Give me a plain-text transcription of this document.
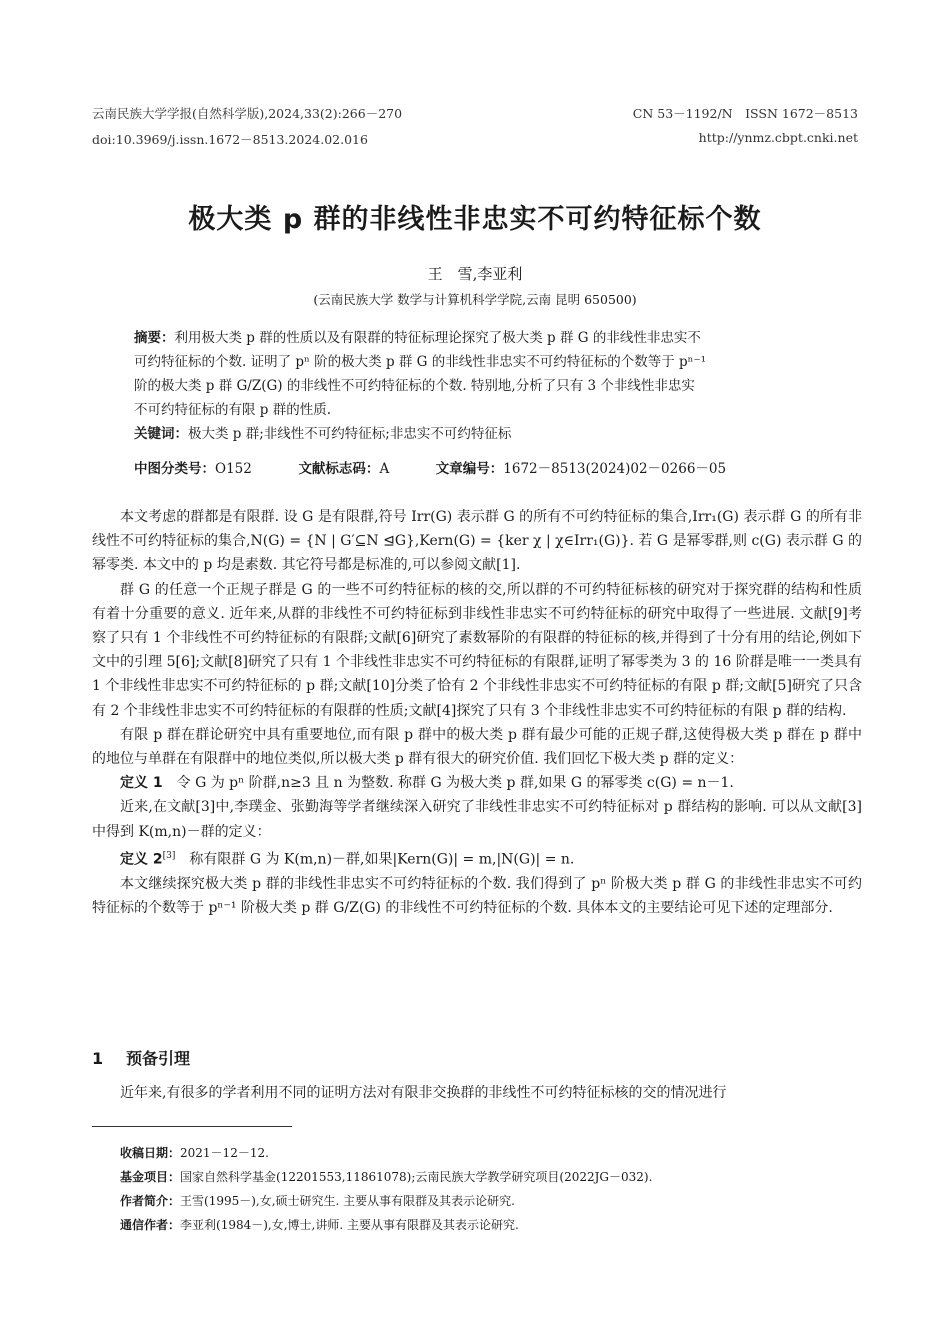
云南民族大学学报(自然科学版),2024,33(2):266－270
doi:10.3969/j.issn.1672－8513.2024.02.016
CN 53－1192/N　ISSN 1672－8513
http://ynmz.cbpt.cnki.net
极大类 p 群的非线性非忠实不可约特征标个数
王　雪,李亚利
(云南民族大学 数学与计算机科学学院,云南 昆明 650500)
摘要：利用极大类 p 群的性质以及有限群的特征标理论探究了极大类 p 群 G 的非线性非忠实不
可约特征标的个数. 证明了 pⁿ 阶的极大类 p 群 G 的非线性非忠实不可约特征标的个数等于 pⁿ⁻¹
阶的极大类 p 群 G/Z(G) 的非线性不可约特征标的个数. 特别地,分析了只有 3 个非线性非忠实
不可约特征标的有限 p 群的性质.
关键词：极大类 p 群;非线性不可约特征标;非忠实不可约特征标
中图分类号：O152	文献标志码：A	文章编号：1672－8513(2024)02－0266－05

本文考虑的群都是有限群. 设 G 是有限群,符号 Irr(G) 表示群 G 的所有不可约特征标的集合,Irr₁(G) 表示群 G 的所有非线性不可约特征标的集合,N(G) = {N | G′⊆N ⊴G},Kern(G) = {ker χ | χ∈Irr₁(G)}. 若 G 是幂零群,则 c(G) 表示群 G 的幂零类. 本文中的 p 均是素数. 其它符号都是标准的,可以参阅文献[1].

群 G 的任意一个正规子群是 G 的一些不可约特征标的核的交,所以群的不可约特征标核的研究对于探究群的结构和性质有着十分重要的意义. 近年来,从群的非线性不可约特征标到非线性非忠实不可约特征标的研究中取得了一些进展. 文献[9]考察了只有 1 个非线性不可约特征标的有限群;文献[6]研究了素数幂阶的有限群的特征标的核,并得到了十分有用的结论,例如下文中的引理 5[6];文献[8]研究了只有 1 个非线性非忠实不可约特征标的有限群,证明了幂零类为 3 的 16 阶群是唯一一类具有 1 个非线性非忠实不可约特征标的 p 群;文献[10]分类了恰有 2 个非线性非忠实不可约特征标的有限 p 群;文献[5]研究了只含有 2 个非线性非忠实不可约特征标的有限群的性质;文献[4]探究了只有 3 个非线性非忠实不可约特征标的有限 p 群的结构.

有限 p 群在群论研究中具有重要地位,而有限 p 群中的极大类 p 群有最少可能的正规子群,这使得极大类 p 群在 p 群中的地位与单群在有限群中的地位类似,所以极大类 p 群有很大的研究价值. 我们回忆下极大类 p 群的定义：

定义 1　 令 G 为 pⁿ 阶群,n≥3 且 n 为整数. 称群 G 为极大类 p 群,如果 G 的幂零类 c(G) = n－1.

近来,在文献[3]中,李璞金、张勤海等学者继续深入研究了非线性非忠实不可约特征标对 p 群结构的影响. 可以从文献[3]中得到 K(m,n)－群的定义：

定义 2[3]　 称有限群 G 为 K(m,n)－群,如果|Kern(G)| = m,|N(G)| = n.

本文继续探究极大类 p 群的非线性非忠实不可约特征标的个数. 我们得到了 pⁿ 阶极大类 p 群 G 的非线性非忠实不可约特征标的个数等于 pⁿ⁻¹ 阶极大类 p 群 G/Z(G) 的非线性不可约特征标的个数. 具体本文的主要结论可见下述的定理部分.

1 预备引理
近年来,有很多的学者利用不同的证明方法对有限非交换群的非线性不可约特征标核的交的情况进行
收稿日期：2021－12－12.
基金项目：国家自然科学基金(12201553,11861078);云南民族大学教学研究项目(2022JG－032).
作者简介：王雪(1995－),女,硕士研究生. 主要从事有限群及其表示论研究.
通信作者：李亚利(1984－),女,博士,讲师. 主要从事有限群及其表示论研究.
